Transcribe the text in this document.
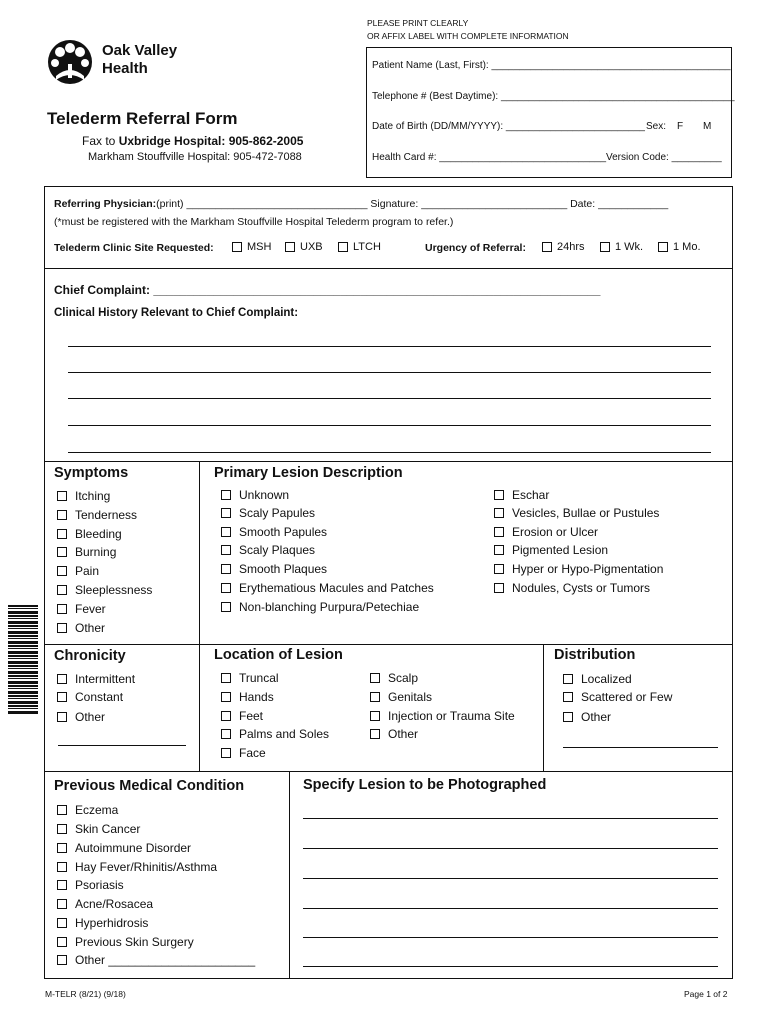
Oak Valley
Health
Telederm Referral Form
Fax to Uxbridge Hospital: 905-862-2005
Markham Stouffville Hospital: 905-472-7088
PLEASE PRINT CLEARLY
OR AFFIX LABEL WITH COMPLETE INFORMATION
Patient Name (Last, First): ___________________________________________
Telephone # (Best Daytime): __________________________________________
Date of Birth (DD/MM/YYYY): _________________________ Sex: F M
Health Card #: ______________________________ Version Code: _________
Referring Physician:(print) _______________________________ Signature: _________________________ Date: ____________
(*must be registered with the Markham Stouffville Hospital Telederm program to refer.)
Telederm Clinic Site Requested:	MSH	UXB	LTCH	Urgency of Referral:	24hrs	1 Wk.	1 Mo.
Chief Complaint: ___________________________________________________________________
Clinical History Relevant to Chief Complaint:
Symptoms
Itching
Tenderness
Bleeding
Burning
Pain
Sleeplessness
Fever
Other
Primary Lesion Description
Unknown
Scaly Papules
Smooth Papules
Scaly Plaques
Smooth Plaques
Erythematious Macules and Patches
Non-blanching Purpura/Petechiae
Eschar
Vesicles, Bullae or Pustules
Erosion or Ulcer
Pigmented Lesion
Hyper or Hypo-Pigmentation
Nodules, Cysts or Tumors
Chronicity
Intermittent
Constant
Other
Location of Lesion
Truncal
Hands
Feet
Palms and Soles
Face
Scalp
Genitals
Injection or Trauma Site
Other
Distribution
Localized
Scattered or Few
Other
Previous Medical Condition
Eczema
Skin Cancer
Autoimmune Disorder
Hay Fever/Rhinitis/Asthma
Psoriasis
Acne/Rosacea
Hyperhidrosis
Previous Skin Surgery
Other ______________________
Specify Lesion to be Photographed
M-TELR (8/21) (9/18)	Page 1 of 2
